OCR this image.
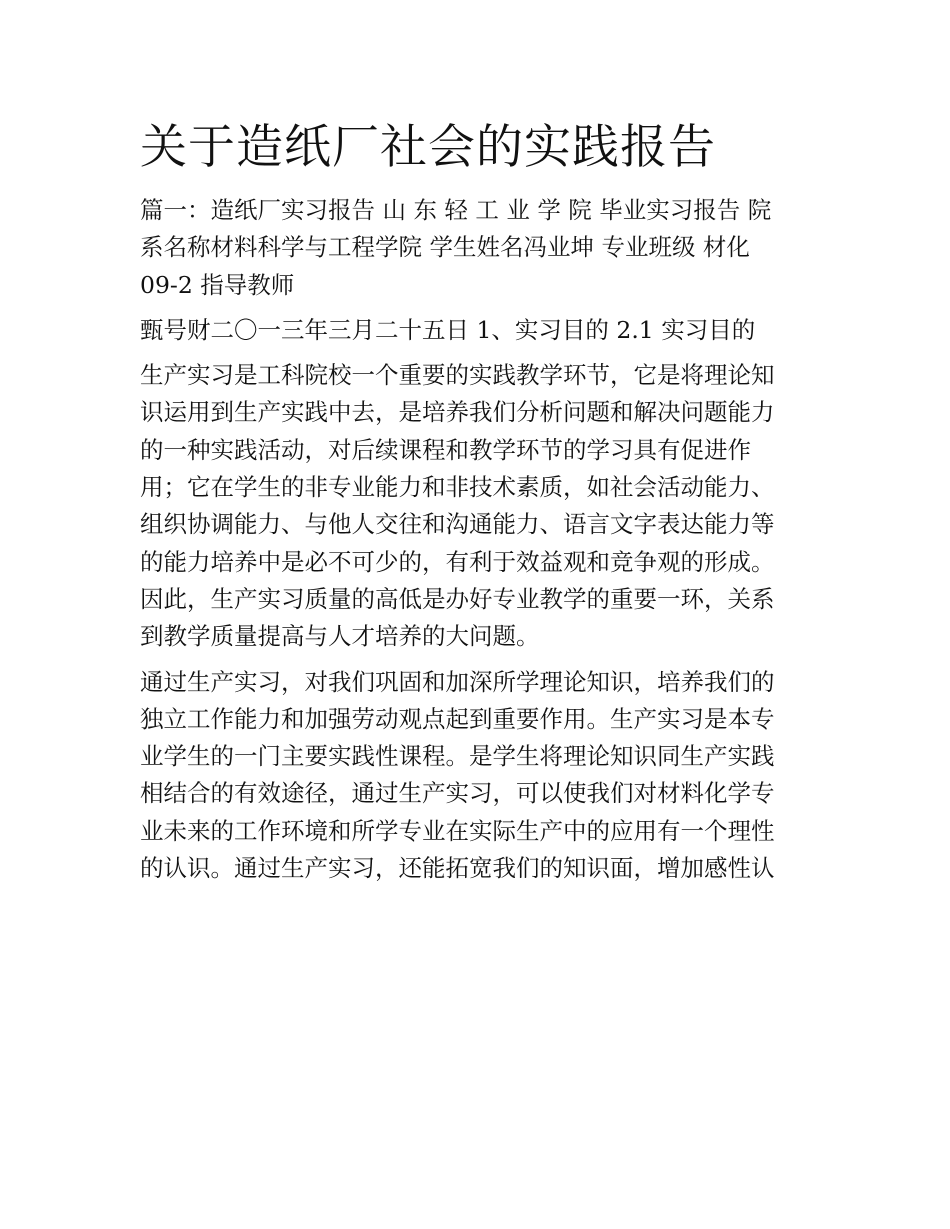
关于造纸厂社会的实践报告
篇一：造纸厂实习报告 山 东 轻 工 业 学 院 毕业实习报告 院
系名称材料科学与工程学院 学生姓名冯业坤 专业班级 材化
09-2 指导教师
甄号财二〇一三年三月二十五日 1、实习目的 2.1 实习目的
生产实习是工科院校一个重要的实践教学环节，它是将理论知
识运用到生产实践中去，是培养我们分析问题和解决问题能力
的一种实践活动，对后续课程和教学环节的学习具有促进作
用；它在学生的非专业能力和非技术素质，如社会活动能力、
组织协调能力、与他人交往和沟通能力、语言文字表达能力等
的能力培养中是必不可少的，有利于效益观和竞争观的形成。
因此，生产实习质量的高低是办好专业教学的重要一环，关系
到教学质量提高与人才培养的大问题。
通过生产实习，对我们巩固和加深所学理论知识，培养我们的
独立工作能力和加强劳动观点起到重要作用。生产实习是本专
业学生的一门主要实践性课程。是学生将理论知识同生产实践
相结合的有效途径，通过生产实习，可以使我们对材料化学专
业未来的工作环境和所学专业在实际生产中的应用有一个理性
的认识。通过生产实习，还能拓宽我们的知识面，增加感性认
